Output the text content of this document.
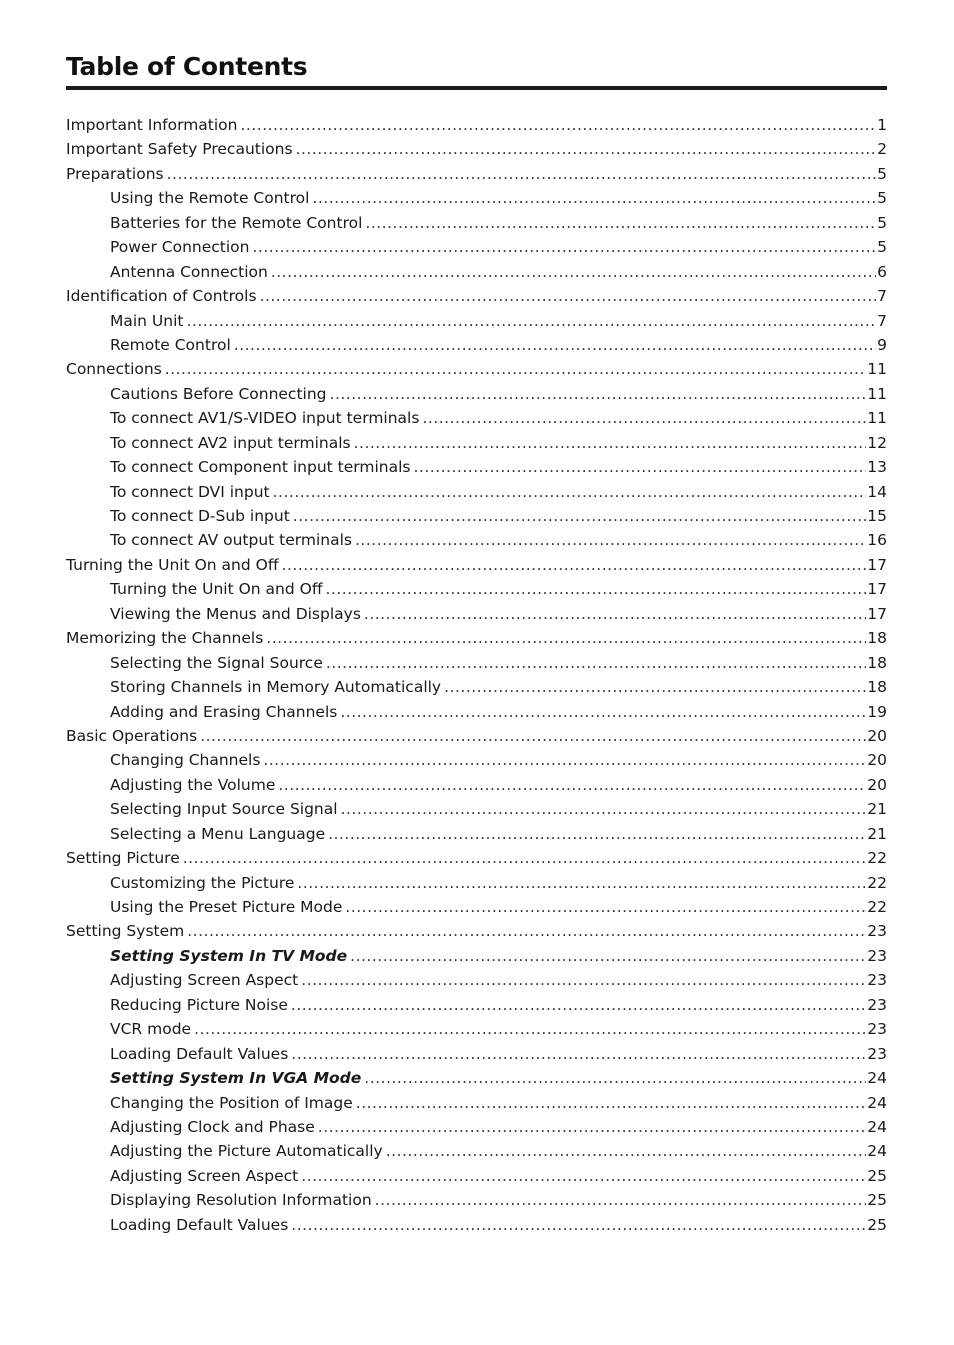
Table of Contents
Important Information .....	1
Important Safety Precautions .....	2
Preparations .....	5
Using the Remote Control .....	5
Batteries for the Remote Control .....	5
Power Connection .....	5
Antenna Connection .....	6
Identification of Controls .....	7
Main Unit .....	7
Remote Control .....	9
Connections .....	11
Cautions Before Connecting .....	11
To connect AV1/S-VIDEO input terminals .....	11
To connect AV2 input terminals .....	12
To connect Component input terminals .....	13
To connect DVI input .....	14
To connect D-Sub input .....	15
To connect AV output terminals .....	16
Turning the Unit On and Off .....	17
Turning the Unit On and Off .....	17
Viewing the Menus and Displays .....	17
Memorizing the Channels .....	18
Selecting the Signal Source .....	18
Storing Channels in Memory Automatically .....	18
Adding and Erasing Channels .....	19
Basic Operations .....	20
Changing Channels .....	20
Adjusting the Volume .....	20
Selecting Input Source Signal .....	21
Selecting a Menu Language .....	21
Setting Picture .....	22
Customizing the Picture .....	22
Using the Preset Picture Mode .....	22
Setting System .....	23
Setting System In TV Mode .....	23
Adjusting Screen Aspect .....	23
Reducing Picture Noise .....	23
VCR mode .....	23
Loading Default Values .....	23
Setting System In VGA Mode .....	24
Changing the Position of Image .....	24
Adjusting Clock and Phase .....	24
Adjusting the Picture Automatically .....	24
Adjusting Screen Aspect .....	25
Displaying Resolution Information .....	25
Loading Default Values .....	25
